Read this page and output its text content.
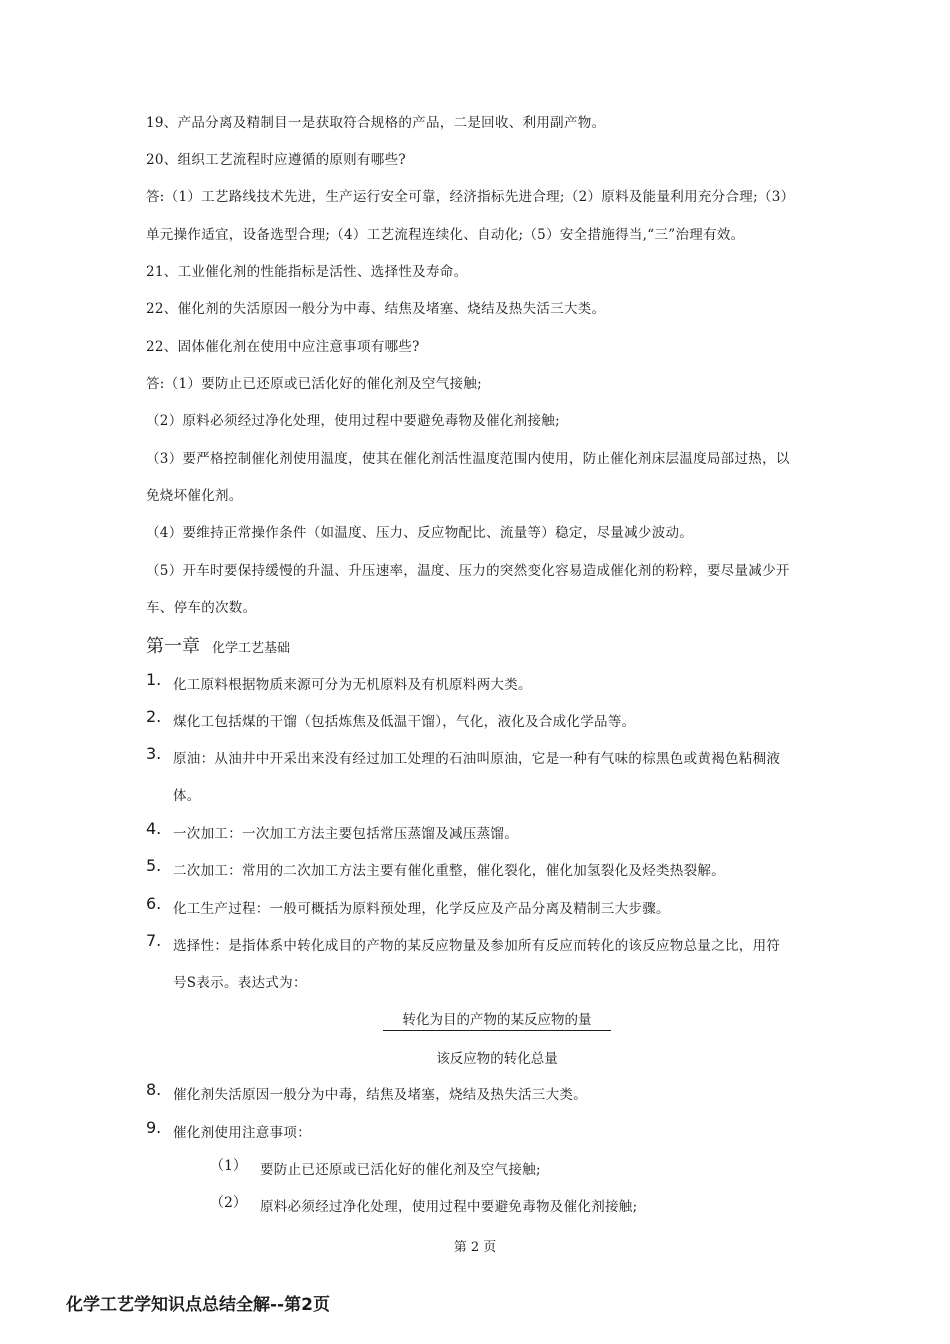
19、产品分离及精制目一是获取符合规格的产品，二是回收、利用副产物。
20、组织工艺流程时应遵循的原则有哪些?
答:（1）工艺路线技术先进，生产运行安全可靠，经济指标先进合理;（2）原料及能量利用充分合理;（3）
单元操作适宜，设备选型合理;（4）工艺流程连续化、自动化;（5）安全措施得当,“三”治理有效。
21、工业催化剂的性能指标是活性、选择性及寿命。
22、催化剂的失活原因一般分为中毒、结焦及堵塞、烧结及热失活三大类。
22、固体催化剂在使用中应注意事项有哪些?
答:（1）要防止已还原或已活化好的催化剂及空气接触;
（2）原料必须经过净化处理，使用过程中要避免毒物及催化剂接触;
（3）要严格控制催化剂使用温度，使其在催化剂活性温度范围内使用，防止催化剂床层温度局部过热，以
免烧坏催化剂。
（4）要维持正常操作条件（如温度、压力、反应物配比、流量等）稳定，尽量减少波动。
（5）开车时要保持缓慢的升温、升压速率，温度、压力的突然变化容易造成催化剂的粉粹，要尽量减少开
车、停车的次数。
第一章 化学工艺基础
1. 化工原料根据物质来源可分为无机原料及有机原料两大类。
2. 煤化工包括煤的干馏（包括炼焦及低温干馏），气化，液化及合成化学品等。
3. 原油：从油井中开采出来没有经过加工处理的石油叫原油，它是一种有气味的棕黑色或黄褐色粘稠液
体。
4. 一次加工：一次加工方法主要包括常压蒸馏及减压蒸馏。
5. 二次加工：常用的二次加工方法主要有催化重整，催化裂化，催化加氢裂化及烃类热裂解。
6. 化工生产过程：一般可概括为原料预处理，化学反应及产品分离及精制三大步骤。
7. 选择性：是指体系中转化成目的产物的某反应物量及参加所有反应而转化的该反应物总量之比，用符
号S表示。表达式为：
转化为目的产物的某反应物的量
该反应物的转化总量
8. 催化剂失活原因一般分为中毒，结焦及堵塞，烧结及热失活三大类。
9. 催化剂使用注意事项：
（1） 要防止已还原或已活化好的催化剂及空气接触;
（2） 原料必须经过净化处理，使用过程中要避免毒物及催化剂接触;
第 2 页
化学工艺学知识点总结全解--第2页
